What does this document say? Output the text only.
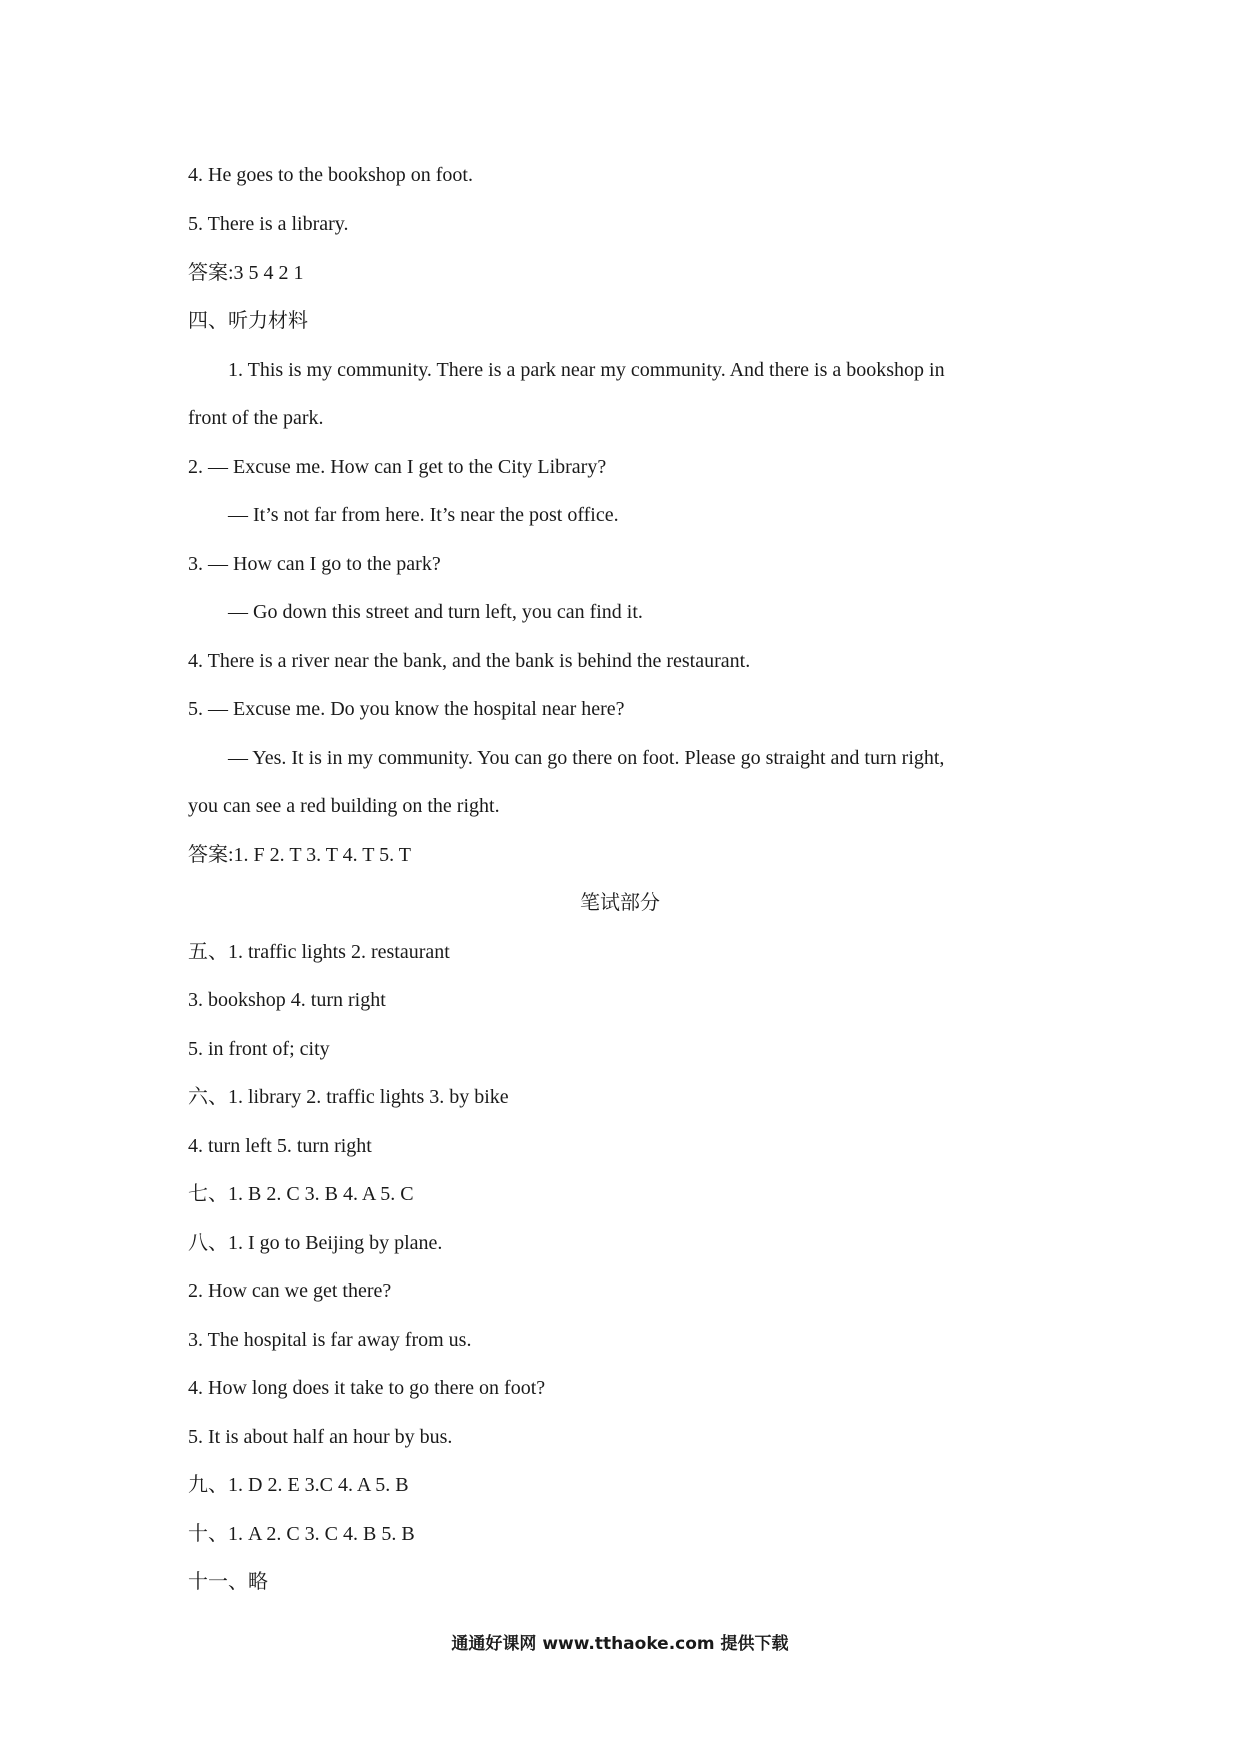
4. He goes to the bookshop on foot.
5. There is a library.
答案:3 5 4 2 1
四、听力材料
1. This is my community. There is a park near my community. And there is a bookshop in
front of the park.
2. — Excuse me. How can I get to the City Library?
— It’s not far from here. It’s near the post office.
3. — How can I go to the park?
— Go down this street and turn left, you can find it.
4. There is a river near the bank, and the bank is behind the restaurant.
5. — Excuse me. Do you know the hospital near here?
— Yes. It is in my community. You can go there on foot. Please go straight and turn right,
you can see a red building on the right.
答案:1. F 2. T 3. T 4. T 5. T
笔试部分
五、1. traffic lights 2. restaurant
3. bookshop 4. turn right
5. in front of; city
六、1. library 2. traffic lights 3. by bike
4. turn left 5. turn right
七、1. B 2. C 3. B 4. A 5. C
八、1. I go to Beijing by plane.
2. How can we get there?
3. The hospital is far away from us.
4. How long does it take to go there on foot?
5. It is about half an hour by bus.
九、1. D 2. E 3.C 4. A 5. B
十、1. A 2. C 3. C 4. B 5. B
十一、略
通通好课网 www.tthaoke.com 提供下载
